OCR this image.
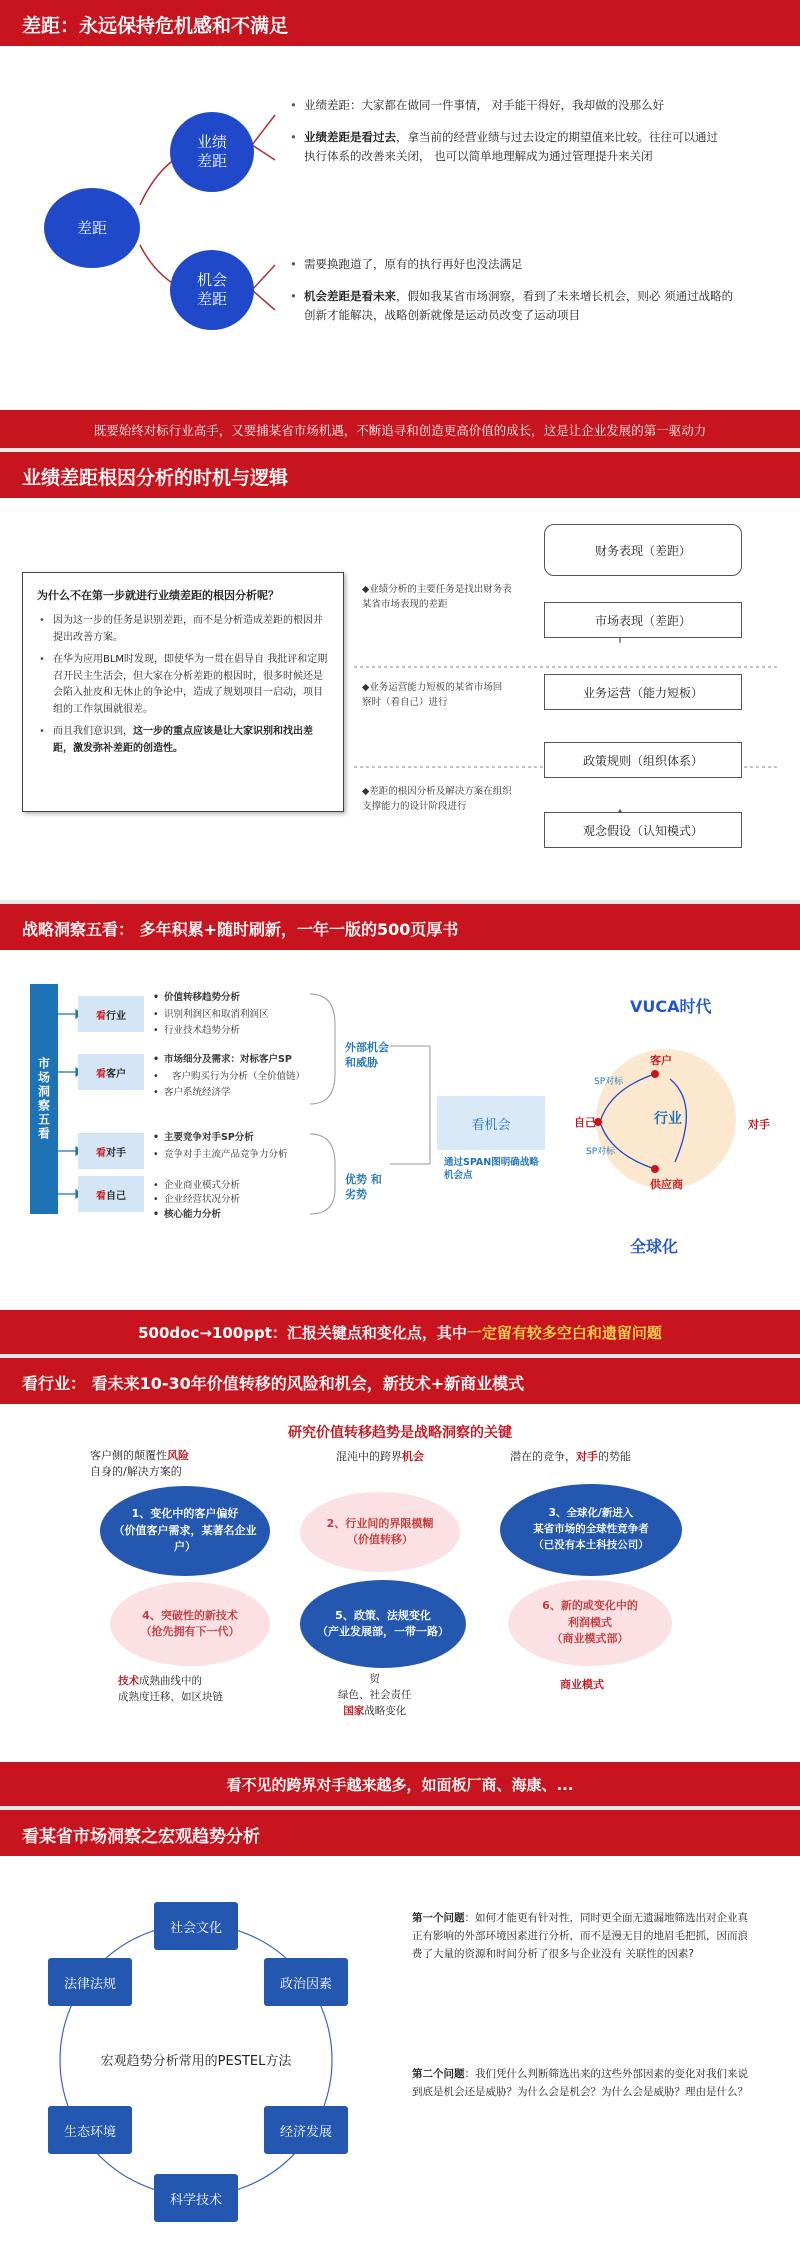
差距：永远保持危机感和不满足
差距
业绩
差距
机会
差距
• 业绩差距：大家都在做同一件事情， 对手能干得好，我却做的没那么好
• 业绩差距是看过去，拿当前的经营业绩与过去设定的期望值来比较。往往可以通过执行体系的改善来关闭， 也可以简单地理解成为通过管理提升来关闭
• 需要换跑道了，原有的执行再好也没法满足
• 机会差距是看未来，假如我某省市场洞察，看到了未来增长机会，则必 须通过战略的创新才能解决，战略创新就像是运动员改变了运动项目
既要始终对标行业高手，又要捕某省市场机遇，不断追寻和创造更高价值的成长，这是让企业发展的第一驱动力
业绩差距根因分析的时机与逻辑
为什么不在第一步就进行业绩差距的根因分析呢？
• 因为这一步的任务是识别差距，而不是分析造成差距的根因并提出改善方案。
• 在华为应用BLM时发现，即使华为一贯在倡导自 我批评和定期召开民主生活会，但大家在分析差距的根因时，很多时候还是会陷入扯皮和无休止的争论中，造成了规划项目一启动，项目组的工作氛围就很差。
• 而且我们意识到，这一步的重点应该是让大家识别和找出差距，激发弥补差距的创造性。
◆业绩分析的主要任务是找出财务表
某省市场表现的差距
◆业务运营能力短板的某省市场回
察时（看自己）进行
◆差距的根因分析及解决方案在组织
支撑能力的设计阶段进行
财务表现（差距）
市场表现（差距）
业务运营（能力短板）
政策规则（组织体系）
观念假设（认知模式）
战略洞察五看： 多年积累+随时刷新，一年一版的500页厚书
市场洞察五看
看 行业
看 客户
看 对手
看 自己
• 价值转移趋势分析
• 识别利润区和取消利润区
• 行业技术趋势分析
• 市场细分及需求：对标客户SP
• 客户购买行为分析（全价值链）
• 客户系统经济学
• 主要竞争对手SP分析
• 竞争对手主流产品竞争力分析
• 企业商业模式分析
• 企业经营状况分析
• 核心能力分析
外部机会
和威胁
优势 和
劣势
看机会
通过SPAN图明确战略
机会点
VUCA时代
全球化
行业
客户
自己
供应商
对手
SP对标
SP对标
500doc→100ppt：汇报关键点和变化点，其中一定留有较多空白和遗留问题
看行业： 看未来10-30年价值转移的风险和机会，新技术+新商业模式
研究价值转移趋势是战略洞察的关键
客户侧的颠覆性风险
自身的/解决方案的
混沌中的跨界机会	潜在的竞争，对手的势能
1、变化中的客户偏好
（价值客户需求，某著名企业
户）
2、行业间的界限模糊
（价值转移）
3、全球化/新进入
某省市场的全球性竞争者
（已没有本土科技公司）
4、突破性的新技术
（抢先拥有下一代）
5、政策、法规变化
（产业发展部，一带一路）
6、新的或变化中的
利润模式
（商业模式部）
技术成熟曲线中的
成熟度迁移，如区块链
贸
绿色、社会责任
国家战略变化
商业模式
看不见的跨界对手越来越多，如面板厂商、海康、...
看某省市场洞察之宏观趋势分析
宏观趋势分析常用的PESTEL方法
社会文化
政治因素
经济发展
科学技术
生态环境
法律法规
第一个问题：如何才能更有针对性，同时更全面无遗漏地筛选出对企业真正有影响的外部环境因素进行分析，而不是漫无目的地眉毛把抓，因而浪费了大量的资源和时间分析了很多与企业没有 关联性的因素?
第二个问题：我们凭什么判断筛选出来的这些外部因素的变化对我们来说到底是机会还是威胁？为什么会是机会？为什么会是威胁？理由是什么？
